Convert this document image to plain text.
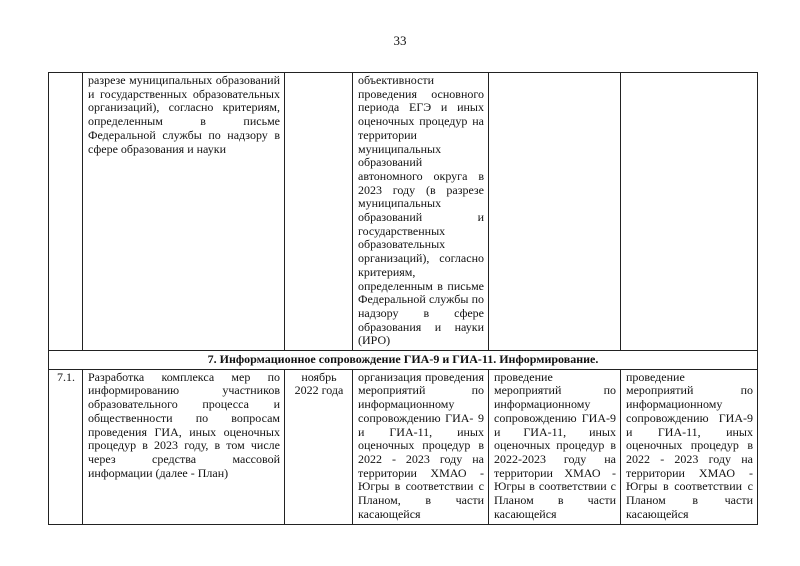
33
	разрезе муниципальных образований и государственных образовательных организаций), согласно критериям, определенным в письме Федеральной службы по надзору в сфере образования и науки		объективности проведения основного периода ЕГЭ и иных оценочных процедур на территории муниципальных образований автономного округа в 2023 году (в разрезе муниципальных образований и государственных образовательных организаций), согласно критериям, определенным в письме Федеральной службы по надзору в сфере образования и науки (ИРО)		
7. Информационное сопровождение ГИА-9 и ГИА-11. Информирование.					
7.1.	Разработка комплекса мер по информированию участников образовательного процесса и общественности по вопросам проведения ГИА, иных оценочных процедур в 2023 году, в том числе через средства массовой информации (далее - План)	ноябрь 2022 года	организация проведения мероприятий по информационному сопровождению ГИА- 9 и ГИА-11, иных оценочных процедур в 2022 - 2023 году на территории ХМАО - Югры в соответствии с Планом, в части касающейся	проведение мероприятий по информационному сопровождению ГИА-9 и ГИА-11, иных оценочных процедур в 2022-2023 году на территории ХМАО - Югры в соответствии с Планом в части касающейся	проведение мероприятий по информационному сопровождению ГИА-9 и ГИА-11, иных оценочных процедур в 2022 - 2023 году на территории ХМАО - Югры в соответствии с Планом в части касающейся
